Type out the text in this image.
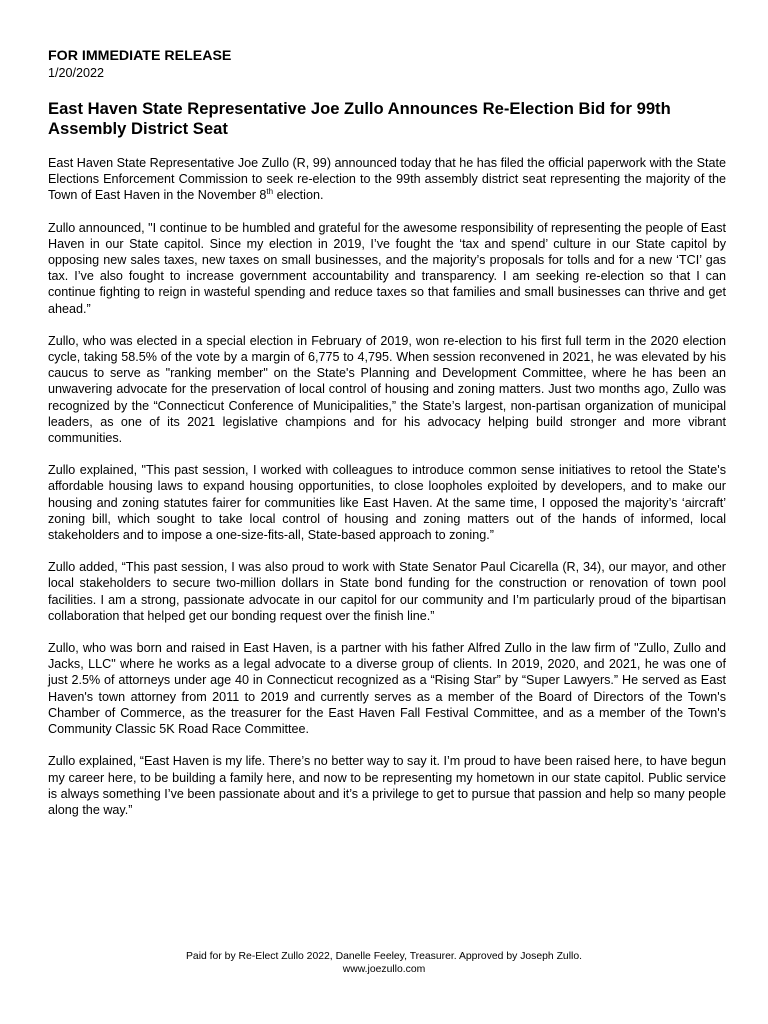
FOR IMMEDIATE RELEASE

1/20/2022

East Haven State Representative Joe Zullo Announces Re-Election Bid for 99th Assembly District Seat

East Haven State Representative Joe Zullo (R, 99) announced today that he has filed the official paperwork with the State Elections Enforcement Commission to seek re-election to the 99th assembly district seat representing the majority of the Town of East Haven in the November 8th election.

Zullo announced, "I continue to be humbled and grateful for the awesome responsibility of representing the people of East Haven in our State capitol. Since my election in 2019, I’ve fought the ‘tax and spend’ culture in our State capitol by opposing new sales taxes, new taxes on small businesses, and the majority’s proposals for tolls and for a new ‘TCI’ gas tax. I’ve also fought to increase government accountability and transparency. I am seeking re-election so that I can continue fighting to reign in wasteful spending and reduce taxes so that families and small businesses can thrive and get ahead.”

Zullo, who was elected in a special election in February of 2019, won re-election to his first full term in the 2020 election cycle, taking 58.5% of the vote by a margin of 6,775 to 4,795. When session reconvened in 2021, he was elevated by his caucus to serve as "ranking member" on the State's Planning and Development Committee, where he has been an unwavering advocate for the preservation of local control of housing and zoning matters. Just two months ago, Zullo was recognized by the “Connecticut Conference of Municipalities,” the State’s largest, non-partisan organization of municipal leaders, as one of its 2021 legislative champions and for his advocacy helping build stronger and more vibrant communities.

Zullo explained, "This past session, I worked with colleagues to introduce common sense initiatives to retool the State's affordable housing laws to expand housing opportunities, to close loopholes exploited by developers, and to make our housing and zoning statutes fairer for communities like East Haven. At the same time, I opposed the majority’s ‘aircraft’ zoning bill, which sought to take local control of housing and zoning matters out of the hands of informed, local stakeholders and to impose a one-size-fits-all, State-based approach to zoning.”

Zullo added, “This past session, I was also proud to work with State Senator Paul Cicarella (R, 34), our mayor, and other local stakeholders to secure two-million dollars in State bond funding for the construction or renovation of town pool facilities. I am a strong, passionate advocate in our capitol for our community and I’m particularly proud of the bipartisan collaboration that helped get our bonding request over the finish line.”

Zullo, who was born and raised in East Haven, is a partner with his father Alfred Zullo in the law firm of "Zullo, Zullo and Jacks, LLC" where he works as a legal advocate to a diverse group of clients. In 2019, 2020, and 2021, he was one of just 2.5% of attorneys under age 40 in Connecticut recognized as a “Rising Star” by “Super Lawyers.” He served as East Haven's town attorney from 2011 to 2019 and currently serves as a member of the Board of Directors of the Town's Chamber of Commerce, as the treasurer for the East Haven Fall Festival Committee, and as a member of the Town's Community Classic 5K Road Race Committee.

Zullo explained, “East Haven is my life. There’s no better way to say it. I’m proud to have been raised here, to have begun my career here, to be building a family here, and now to be representing my hometown in our state capitol. Public service is always something I’ve been passionate about and it’s a privilege to get to pursue that passion and help so many people along the way.”

Paid for by Re-Elect Zullo 2022, Danelle Feeley, Treasurer. Approved by Joseph Zullo.
www.joezullo.com
